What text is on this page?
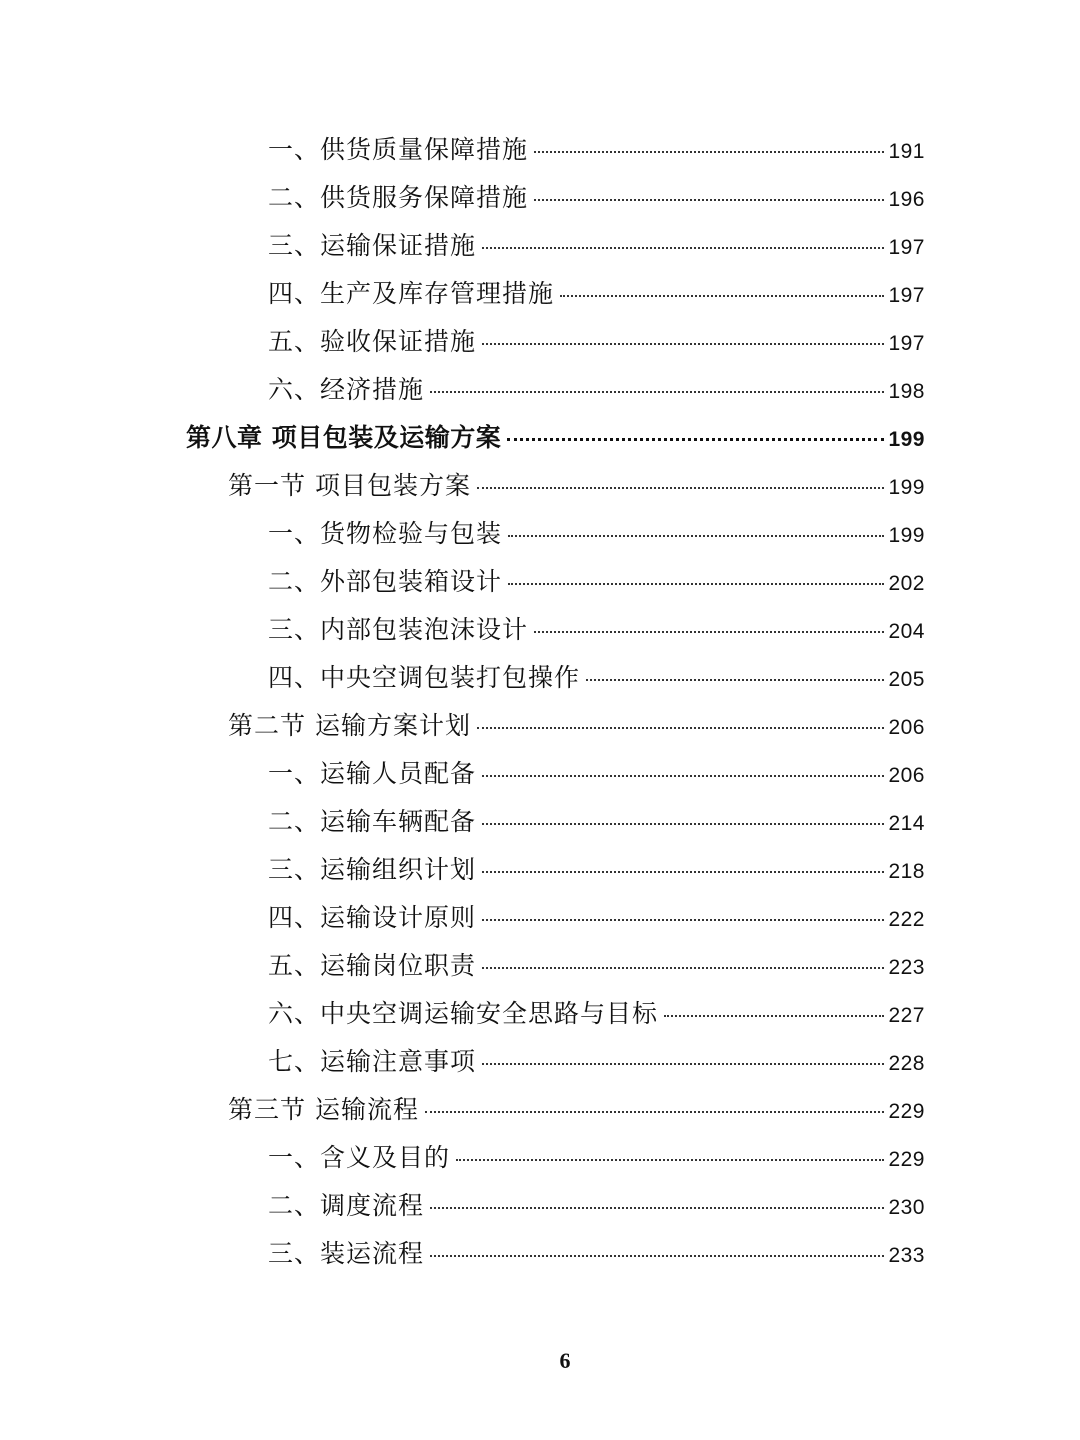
一、供货质量保障措施	191
二、供货服务保障措施	196
三、运输保证措施	197
四、生产及库存管理措施	197
五、验收保证措施	197
六、经济措施	198
第八章 项目包装及运输方案	199
第一节 项目包装方案	199
一、货物检验与包装	199
二、外部包装箱设计	202
三、内部包装泡沫设计	204
四、中央空调包装打包操作	205
第二节 运输方案计划	206
一、运输人员配备	206
二、运输车辆配备	214
三、运输组织计划	218
四、运输设计原则	222
五、运输岗位职责	223
六、中央空调运输安全思路与目标	227
七、运输注意事项	228
第三节 运输流程	229
一、含义及目的	229
二、调度流程	230
三、装运流程	233
6
